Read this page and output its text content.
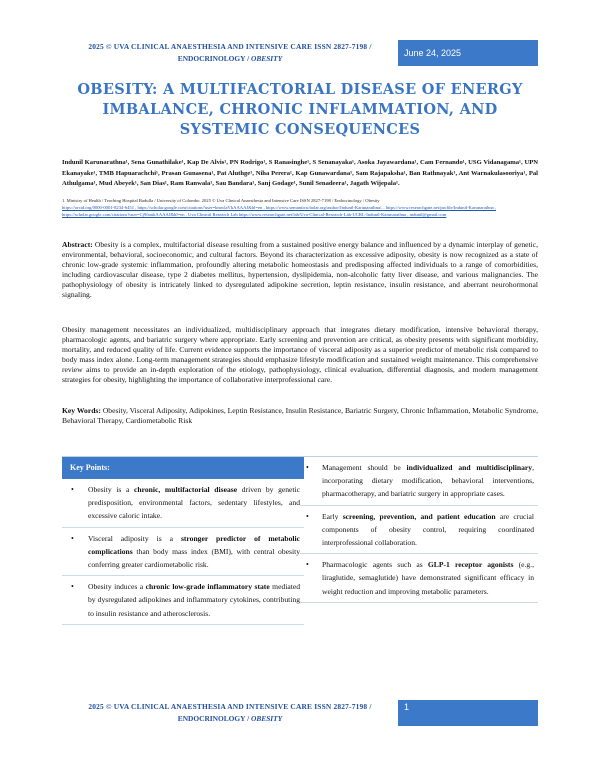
2025 © UVA CLINICAL ANAESTHESIA AND INTENSIVE CARE ISSN 2827-7198 /
ENDOCRINOLOGY / OBESITY
June 24, 2025
OBESITY: A MULTIFACTORIAL DISEASE OF ENERGY IMBALANCE, CHRONIC INFLAMMATION, AND SYSTEMIC CONSEQUENCES
Indunil Karunarathna¹, Sena Gunathilake¹, Kap De Alvis¹, PN Rodrigo¹, S Ranasinghe¹, S Senanayaka¹, Asoka Jayawardana¹, Cam Fernando¹, USG Vidanagama¹, UPN Ekanayake¹, TMB Hapuarachchi¹, Prasan Gunasena¹, Pat Aluthge¹, Niha Perera¹, Kap Gunawardana¹, Sam Rajapaksha¹, Ban Rathnayak¹, Ant Warnakulasooriya¹, Pal Athulgama¹, Mud Abeyek¹, San Dias¹, Ram Ranwala¹, Sau Bandara¹, Sanj Godage¹, Sunil Senadeera¹, Jagath Wijepala¹.
1. Ministry of Health / Teaching Hospital Badulla / University of Colombo. 2025 © Uva Clinical Anaesthesia and Intensive Care ISSN 2827-7198 / Endocrinology / Obesity
https://orcid.org/0000-0001-8234-6451 , https://scholar.google.com/citations?user=kmwlaVkAAAAJ&hl=en , https://www.semanticscholar.org/author/Indunil-Karunarathna/... https://www.researchgate.net/profile/Indunil-Karunarathna , https://scholar.google.com/citations?user=Cj9fsmkAAAAJ&hl=en , Uva Clinical Research Lab https://www.researchgate.net/lab/Uva-Clinical-Research-Lab-UCRL-Indunil-Karunarathna , indunil@gmail.com
Abstract: Obesity is a complex, multifactorial disease resulting from a sustained positive energy balance and influenced by a dynamic interplay of genetic, environmental, behavioral, socioeconomic, and cultural factors. Beyond its characterization as excessive adiposity, obesity is now recognized as a state of chronic low-grade systemic inflammation, profoundly altering metabolic homeostasis and predisposing affected individuals to a range of comorbidities, including cardiovascular disease, type 2 diabetes mellitus, hypertension, dyslipidemia, non-alcoholic fatty liver disease, and various malignancies. The pathophysiology of obesity is intricately linked to dysregulated adipokine secretion, leptin resistance, insulin resistance, and aberrant neurohormonal signaling.
Obesity management necessitates an individualized, multidisciplinary approach that integrates dietary modification, intensive behavioral therapy, pharmacologic agents, and bariatric surgery where appropriate. Early screening and prevention are critical, as obesity presents with significant morbidity, mortality, and reduced quality of life. Current evidence supports the importance of visceral adiposity as a superior predictor of metabolic risk compared to body mass index alone. Long-term management strategies should emphasize lifestyle modification and sustained weight maintenance. This comprehensive review aims to provide an in-depth exploration of the etiology, pathophysiology, clinical evaluation, differential diagnosis, and modern management strategies for obesity, highlighting the importance of collaborative interprofessional care.
Key Words: Obesity, Visceral Adiposity, Adipokines, Leptin Resistance, Insulin Resistance, Bariatric Surgery, Chronic Inflammation, Metabolic Syndrome, Behavioral Therapy, Cardiometabolic Risk
Key Points:
• Obesity is a chronic, multifactorial disease driven by genetic predisposition, environmental factors, sedentary lifestyles, and excessive caloric intake.
• Visceral adiposity is a stronger predictor of metabolic complications than body mass index (BMI), with central obesity conferring greater cardiometabolic risk.
• Obesity induces a chronic low-grade inflammatory state mediated by dysregulated adipokines and inflammatory cytokines, contributing to insulin resistance and atherosclerosis.
• Management should be individualized and multidisciplinary, incorporating dietary modification, behavioral interventions, pharmacotherapy, and bariatric surgery in appropriate cases.
• Early screening, prevention, and patient education are crucial components of obesity control, requiring coordinated interprofessional collaboration.
• Pharmacologic agents such as GLP-1 receptor agonists (e.g., liraglutide, semaglutide) have demonstrated significant efficacy in weight reduction and improving metabolic parameters.
2025 © UVA CLINICAL ANAESTHESIA AND INTENSIVE CARE ISSN 2827-7198 /
ENDOCRINOLOGY / OBESITY
1
